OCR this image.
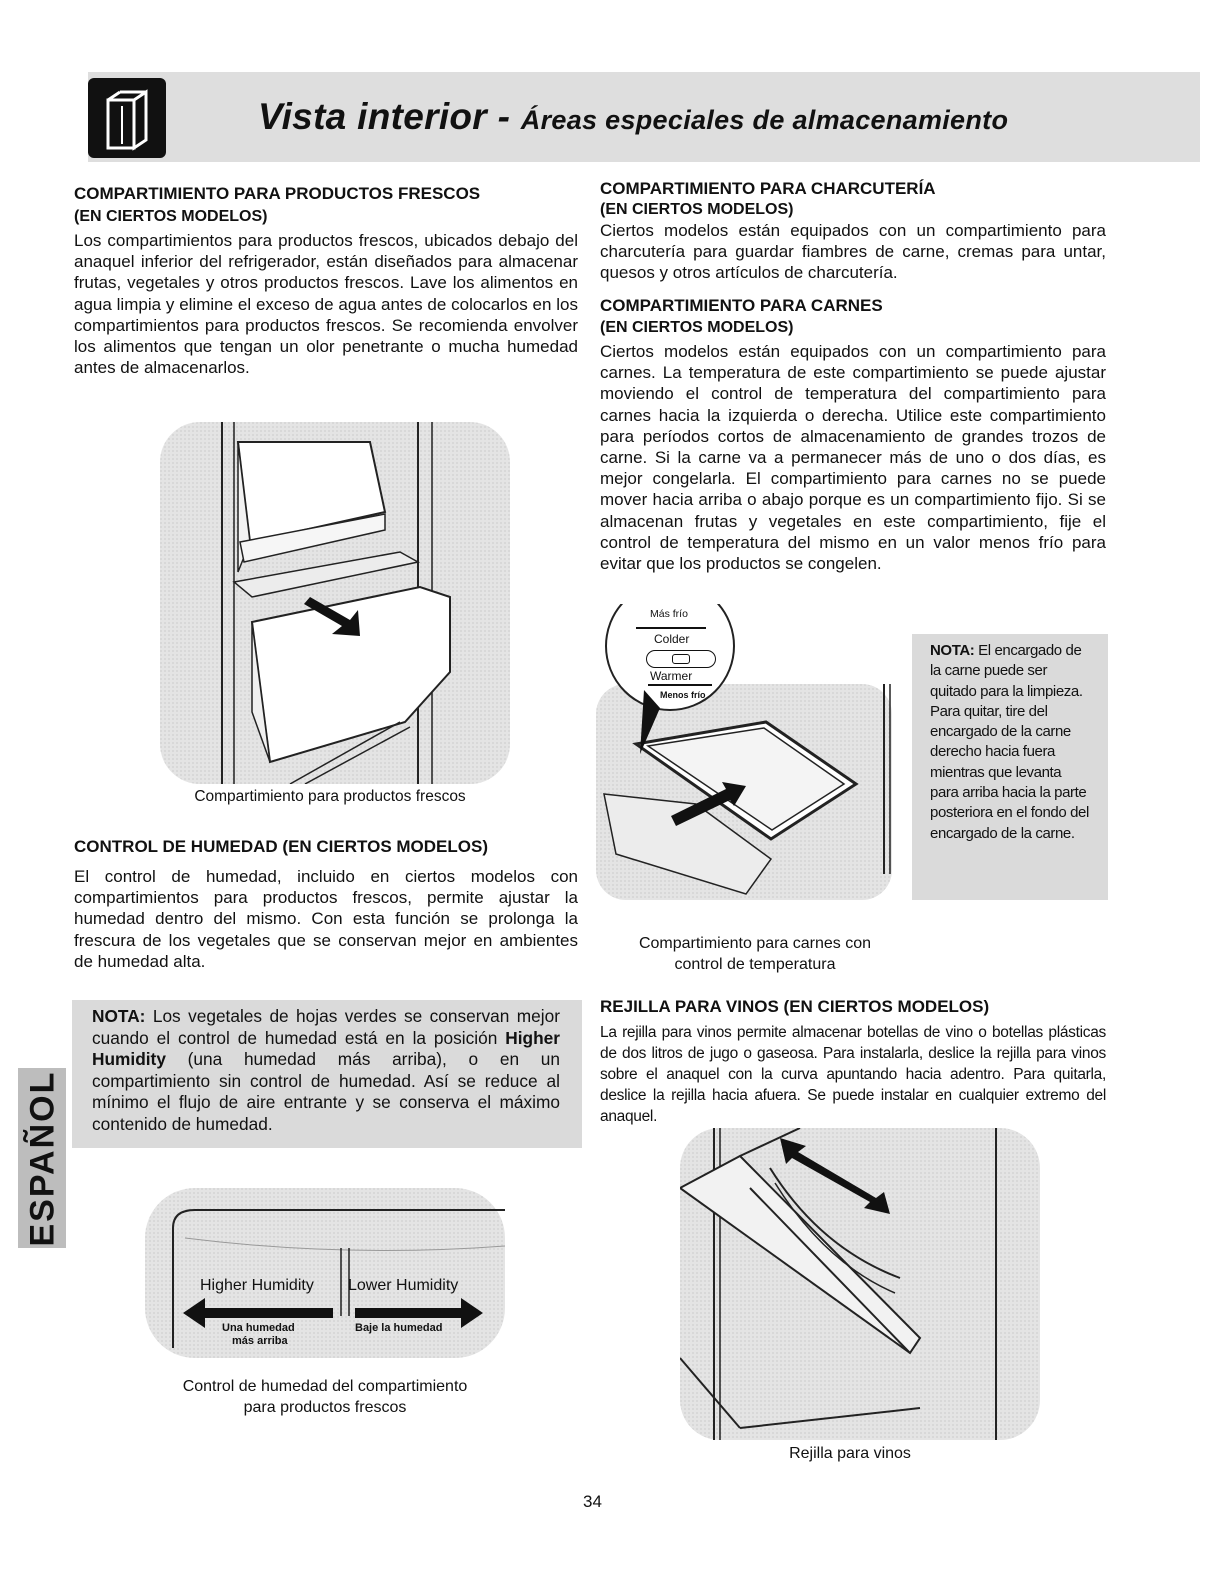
Vista interior - Áreas especiales de almacenamiento
COMPARTIMIENTO PARA PRODUCTOS FRESCOS
(EN CIERTOS MODELOS)
Los compartimientos para productos frescos, ubicados debajo del anaquel inferior del refrigerador, están diseñados para almacenar frutas, vegetales y otros productos frescos. Lave los alimentos en agua limpia y elimine el exceso de agua antes de colocarlos en los compartimientos para productos frescos. Se recomienda envolver los alimentos que tengan un olor penetrante o mucha humedad antes de almacenarlos.
Compartimiento para productos frescos
CONTROL DE HUMEDAD (EN CIERTOS MODELOS)
El control de humedad, incluido en ciertos modelos con compartimientos para productos frescos, permite ajustar la humedad dentro del mismo. Con esta función se prolonga la frescura de los vegetales que se conservan mejor en ambientes de humedad alta.
NOTA: Los vegetales de hojas verdes se conservan mejor cuando el control de humedad está en la posición Higher Humidity (una humedad más arriba), o en un compartimiento sin control de humedad. Así se reduce al mínimo el flujo de aire entrante y se conserva el máximo contenido de humedad.
Higher Humidity Lower Humidity
Una humedad
más arriba
Baje la humedad
Control de humedad del compartimiento
para productos frescos
ESPAÑOL
COMPARTIMIENTO PARA CHARCUTERÍA
(EN CIERTOS MODELOS)
Ciertos modelos están equipados con un compartimiento para charcutería para guardar fiambres de carne, cremas para untar, quesos y otros artículos de charcutería.
COMPARTIMIENTO PARA CARNES
(EN CIERTOS MODELOS)
Ciertos modelos están equipados con un compartimiento para carnes. La temperatura de este compartimiento se puede ajustar moviendo el control de temperatura del compartimiento para carnes hacia la izquierda o derecha. Utilice este compartimiento para períodos cortos de almacenamiento de grandes trozos de carne. Si la carne va a permanecer más de uno o dos días, es mejor congelarla. El compartimiento para carnes no se puede mover hacia arriba o abajo porque es un compartimiento fijo. Si se almacenan frutas y vegetales en este compartimiento, fije el control de temperatura del mismo en un valor menos frío para evitar que los productos se congelen.
Más frío
Colder
Warmer
Menos frío
NOTA: El encargado de la carne puede ser quitado para la limpieza. Para quitar, tire del encargado de la carne derecho hacia fuera mientras que levanta para arriba hacia la parte posteriora en el fondo del encargado de la carne.
Compartimiento para carnes con
control de temperatura
REJILLA PARA VINOS (EN CIERTOS MODELOS)
La rejilla para vinos permite almacenar botellas de vino o botellas plásticas de dos litros de jugo o gaseosa. Para instalarla, deslice la rejilla para vinos sobre el anaquel con la curva apuntando hacia adentro. Para quitarla, deslice la rejilla hacia afuera. Se puede instalar en cualquier extremo del anaquel.
Rejilla para vinos
34
